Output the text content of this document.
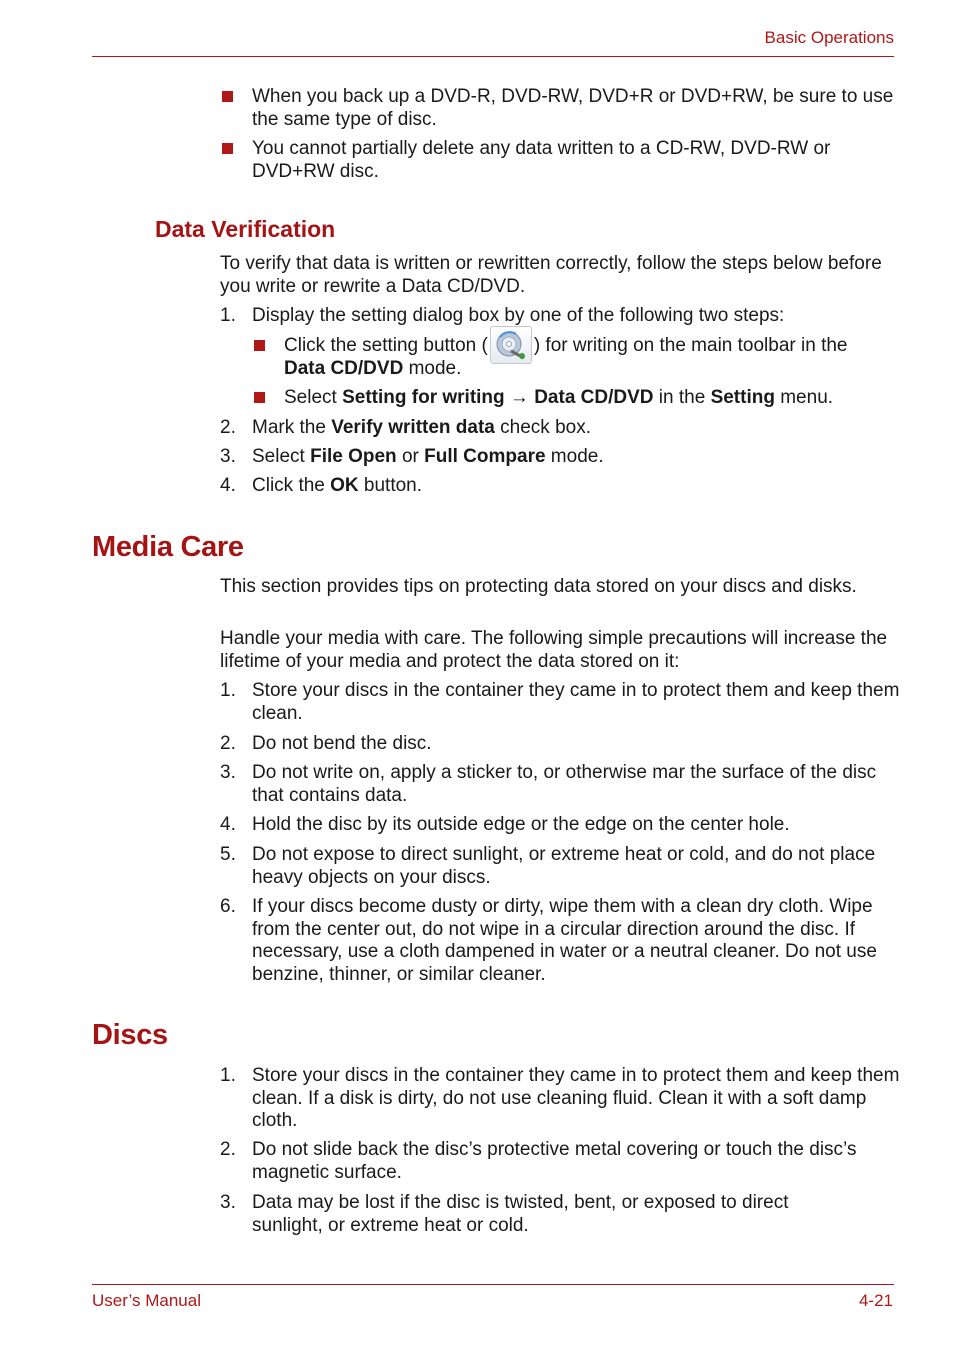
Basic Operations
When you back up a DVD-R, DVD-RW, DVD+R or DVD+RW, be sure to use the same type of disc.
You cannot partially delete any data written to a CD-RW, DVD-RW or DVD+RW disc.
Data Verification
To verify that data is written or rewritten correctly, follow the steps below before you write or rewrite a Data CD/DVD.
1. Display the setting dialog box by one of the following two steps:
Click the setting button ( ) for writing on the main toolbar in the
Data CD/DVD mode.
Select Setting for writing → Data CD/DVD in the Setting menu.
2. Mark the Verify written data check box.
3. Select File Open or Full Compare mode.
4. Click the OK button.
Media Care
This section provides tips on protecting data stored on your discs and disks.
Handle your media with care. The following simple precautions will increase the lifetime of your media and protect the data stored on it:
1. Store your discs in the container they came in to protect them and keep them clean.
2. Do not bend the disc.
3. Do not write on, apply a sticker to, or otherwise mar the surface of the disc that contains data.
4. Hold the disc by its outside edge or the edge on the center hole.
5. Do not expose to direct sunlight, or extreme heat or cold, and do not place heavy objects on your discs.
6. If your discs become dusty or dirty, wipe them with a clean dry cloth. Wipe from the center out, do not wipe in a circular direction around the disc. If necessary, use a cloth dampened in water or a neutral cleaner. Do not use benzine, thinner, or similar cleaner.
Discs
1. Store your discs in the container they came in to protect them and keep them clean. If a disk is dirty, do not use cleaning fluid. Clean it with a soft damp cloth.
2. Do not slide back the disc’s protective metal covering or touch the disc’s magnetic surface.
3. Data may be lost if the disc is twisted, bent, or exposed to direct sunlight, or extreme heat or cold.
User’s Manual	4-21
